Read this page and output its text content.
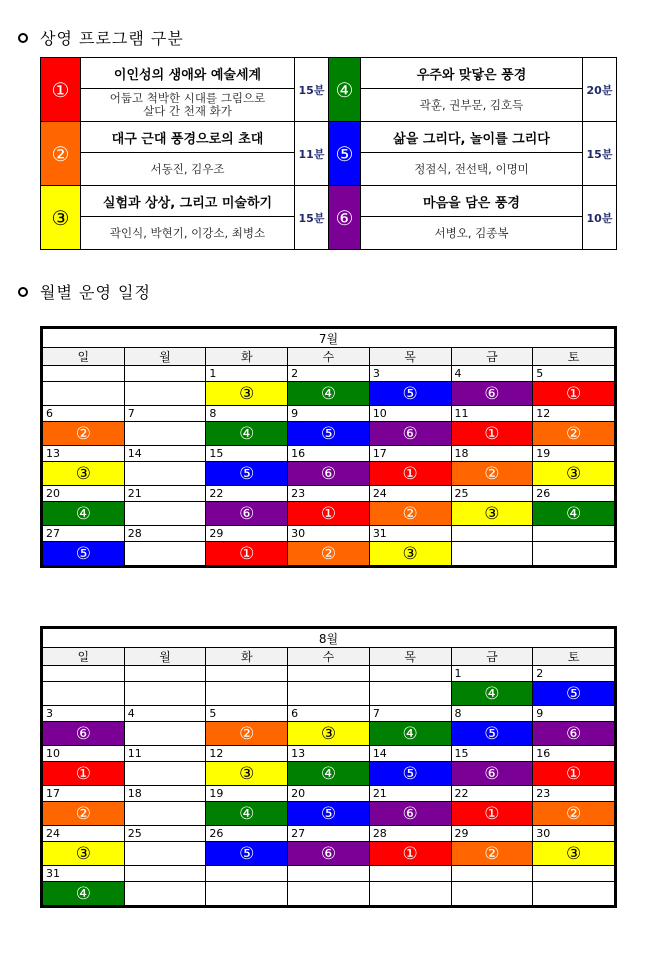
상영 프로그램 구분
①	이인성의 생애와 예술세계	15분	④	우주와 맞닿은 풍경	20분
	어둡고 척박한 시대를 그림으로
살다 간 천재 화가			곽훈, 권부문, 김호득	
②	대구 근대 풍경으로의 초대	11분	⑤	삶을 그리다, 놀이를 그리다	15분
	서동진, 김우조			정점식, 전선택, 이명미	
③	실험과 상상, 그리고 미술하기	15분	⑥	마음을 담은 풍경	10분
	곽인식, 박현기, 이강소, 최병소			서병오, 김종복	
월별 운영 일정
7월						
일	월	화	수	목	금	토
		1	2	3	4	5
		③	④	⑤	⑥	①
6	7	8	9	10	11	12
②		④	⑤	⑥	①	②
13	14	15	16	17	18	19
③		⑤	⑥	①	②	③
20	21	22	23	24	25	26
④		⑥	①	②	③	④
27	28	29	30	31		
⑤		①	②	③		
8월						
일	월	화	수	목	금	토
					1	2
					④	⑤
3	4	5	6	7	8	9
⑥		②	③	④	⑤	⑥
10	11	12	13	14	15	16
①		③	④	⑤	⑥	①
17	18	19	20	21	22	23
②		④	⑤	⑥	①	②
24	25	26	27	28	29	30
③		⑤	⑥	①	②	③
31						
④						
